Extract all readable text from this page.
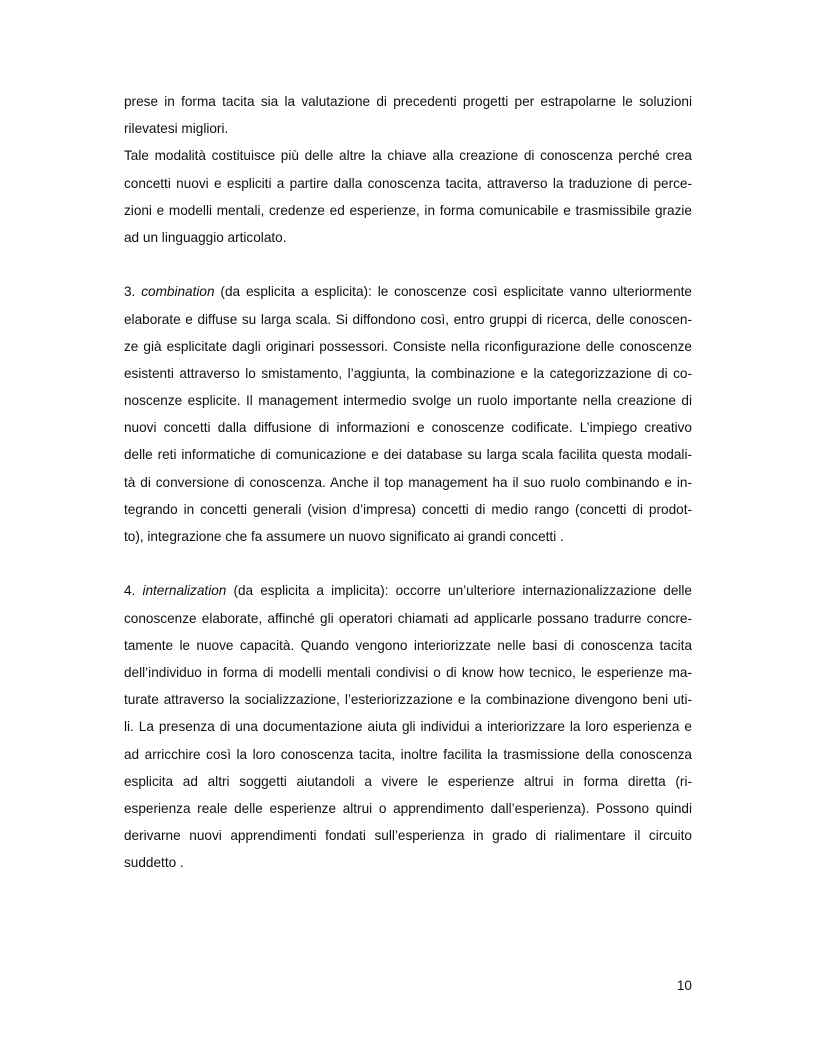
prese in forma tacita sia la valutazione di precedenti progetti per estrapolarne le soluzioni
rilevatesi migliori.
Tale modalità costituisce più delle altre la chiave alla creazione di conoscenza perché crea
concetti nuovi e espliciti a partire dalla conoscenza tacita, attraverso la traduzione di perce-
zioni e modelli mentali, credenze ed esperienze, in forma comunicabile e trasmissibile grazie
ad un linguaggio articolato.
3. combination (da esplicita a esplicita): le conoscenze così esplicitate vanno ulteriormente
elaborate e diffuse su larga scala. Si diffondono così, entro gruppi di ricerca, delle conoscen-
ze già esplicitate dagli originari possessori. Consiste nella riconfigurazione delle conoscenze
esistenti attraverso lo smistamento, l’aggiunta, la combinazione e la categorizzazione di co-
noscenze esplicite. Il management intermedio svolge un ruolo importante nella creazione di
nuovi concetti dalla diffusione di informazioni e conoscenze codificate. L’impiego creativo
delle reti informatiche di comunicazione e dei database su larga scala facilita questa modali-
tà di conversione di conoscenza. Anche il top management ha il suo ruolo combinando e in-
tegrando in concetti generali (vision d’impresa) concetti di medio rango (concetti di prodot-
to), integrazione che fa assumere un nuovo significato ai grandi concetti .
4. internalization (da esplicita a implicita): occorre un’ulteriore internazionalizzazione delle
conoscenze elaborate, affinché gli operatori chiamati ad applicarle possano tradurre concre-
tamente le nuove capacità. Quando vengono interiorizzate nelle basi di conoscenza tacita
dell’individuo in forma di modelli mentali condivisi o di know how tecnico, le esperienze ma-
turate attraverso la socializzazione, l’esteriorizzazione e la combinazione divengono beni uti-
li. La presenza di una documentazione aiuta gli individui a interiorizzare la loro esperienza e
ad arricchire così la loro conoscenza tacita, inoltre facilita la trasmissione della conoscenza
esplicita ad altri soggetti aiutandoli a vivere le esperienze altrui in forma diretta (ri-
esperienza reale delle esperienze altrui o apprendimento dall’esperienza). Possono quindi
derivarne nuovi apprendimenti fondati sull’esperienza in grado di rialimentare il circuito
suddetto .
10
